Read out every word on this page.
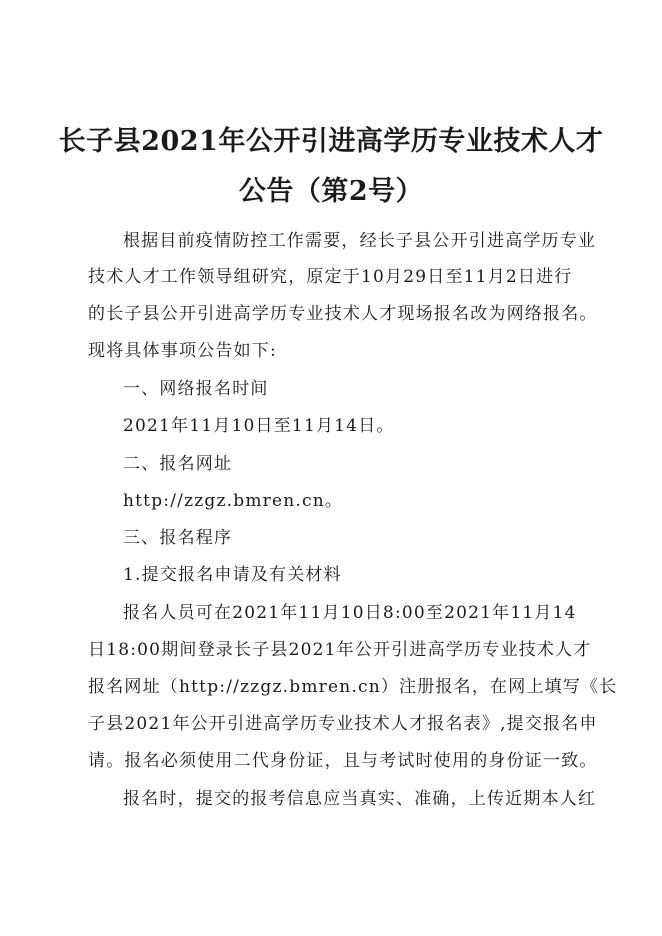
长子县2021年公开引进高学历专业技术人才
公告（第2号）
根据目前疫情防控工作需要，经长子县公开引进高学历专业
技术人才工作领导组研究，原定于10月29日至11月2日进行
的长子县公开引进高学历专业技术人才现场报名改为网络报名。
现将具体事项公告如下:
一、网络报名时间
2021年11月10日至11月14日。
二、报名网址
http://zzgz.bmren.cn。
三、报名程序
1.提交报名申请及有关材料
报名人员可在2021年11月10日8:00至2021年11月14
日18:00期间登录长子县2021年公开引进高学历专业技术人才
报名网址（http://zzgz.bmren.cn）注册报名，在网上填写《长
子县2021年公开引进高学历专业技术人才报名表》,提交报名申
请。报名必须使用二代身份证，且与考试时使用的身份证一致。
报名时，提交的报考信息应当真实、准确，上传近期本人红
